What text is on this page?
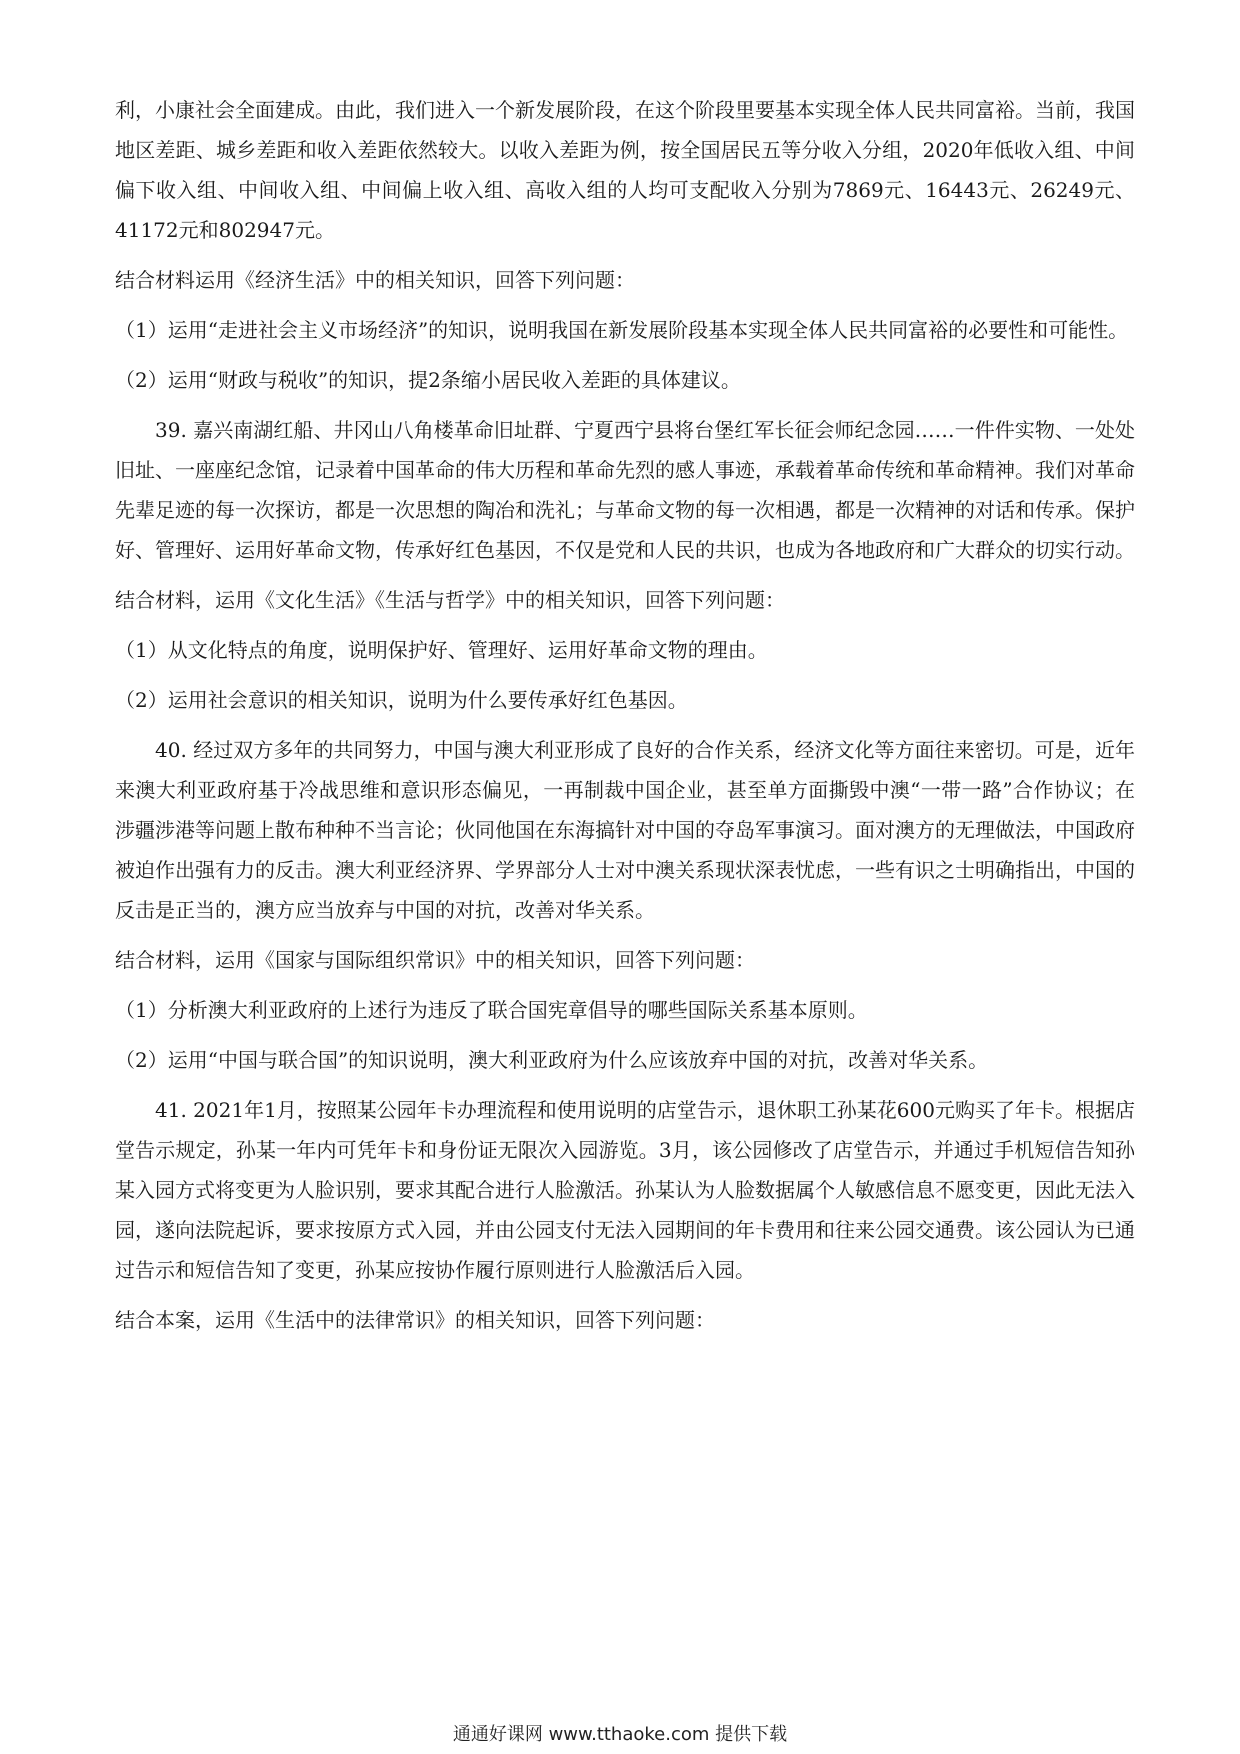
利，小康社会全面建成。由此，我们进入一个新发展阶段，在这个阶段里要基本实现全体人民共同富裕。当前，我国地区差距、城乡差距和收入差距依然较大。以收入差距为例，按全国居民五等分收入分组，2020年低收入组、中间偏下收入组、中间收入组、中间偏上收入组、高收入组的人均可支配收入分别为7869元、16443元、26249元、41172元和802947元。

结合材料运用《经济生活》中的相关知识，回答下列问题：

（1）运用“走进社会主义市场经济”的知识，说明我国在新发展阶段基本实现全体人民共同富裕的必要性和可能性。

（2）运用“财政与税收”的知识，提2条缩小居民收入差距的具体建议。

39. 嘉兴南湖红船、井冈山八角楼革命旧址群、宁夏西宁县将台堡红军长征会师纪念园……一件件实物、一处处旧址、一座座纪念馆，记录着中国革命的伟大历程和革命先烈的感人事迹，承载着革命传统和革命精神。我们对革命先辈足迹的每一次探访，都是一次思想的陶冶和洗礼；与革命文物的每一次相遇，都是一次精神的对话和传承。保护好、管理好、运用好革命文物，传承好红色基因，不仅是党和人民的共识，也成为各地政府和广大群众的切实行动。

结合材料，运用《文化生活》《生活与哲学》中的相关知识，回答下列问题：

（1）从文化特点的角度，说明保护好、管理好、运用好革命文物的理由。

（2）运用社会意识的相关知识，说明为什么要传承好红色基因。

40. 经过双方多年的共同努力，中国与澳大利亚形成了良好的合作关系，经济文化等方面往来密切。可是，近年来澳大利亚政府基于冷战思维和意识形态偏见，一再制裁中国企业，甚至单方面撕毁中澳“一带一路”合作协议；在涉疆涉港等问题上散布种种不当言论；伙同他国在东海搞针对中国的夺岛军事演习。面对澳方的无理做法，中国政府被迫作出强有力的反击。澳大利亚经济界、学界部分人士对中澳关系现状深表忧虑，一些有识之士明确指出，中国的反击是正当的，澳方应当放弃与中国的对抗，改善对华关系。

结合材料，运用《国家与国际组织常识》中的相关知识，回答下列问题：

（1）分析澳大利亚政府的上述行为违反了联合国宪章倡导的哪些国际关系基本原则。

（2）运用“中国与联合国”的知识说明，澳大利亚政府为什么应该放弃中国的对抗，改善对华关系。

41. 2021年1月，按照某公园年卡办理流程和使用说明的店堂告示，退休职工孙某花600元购买了年卡。根据店堂告示规定，孙某一年内可凭年卡和身份证无限次入园游览。3月，该公园修改了店堂告示，并通过手机短信告知孙某入园方式将变更为人脸识别，要求其配合进行人脸激活。孙某认为人脸数据属个人敏感信息不愿变更，因此无法入园，遂向法院起诉，要求按原方式入园，并由公园支付无法入园期间的年卡费用和往来公园交通费。该公园认为已通过告示和短信告知了变更，孙某应按协作履行原则进行人脸激活后入园。

结合本案，运用《生活中的法律常识》的相关知识，回答下列问题：

通通好课网 www.tthaoke.com 提供下载
